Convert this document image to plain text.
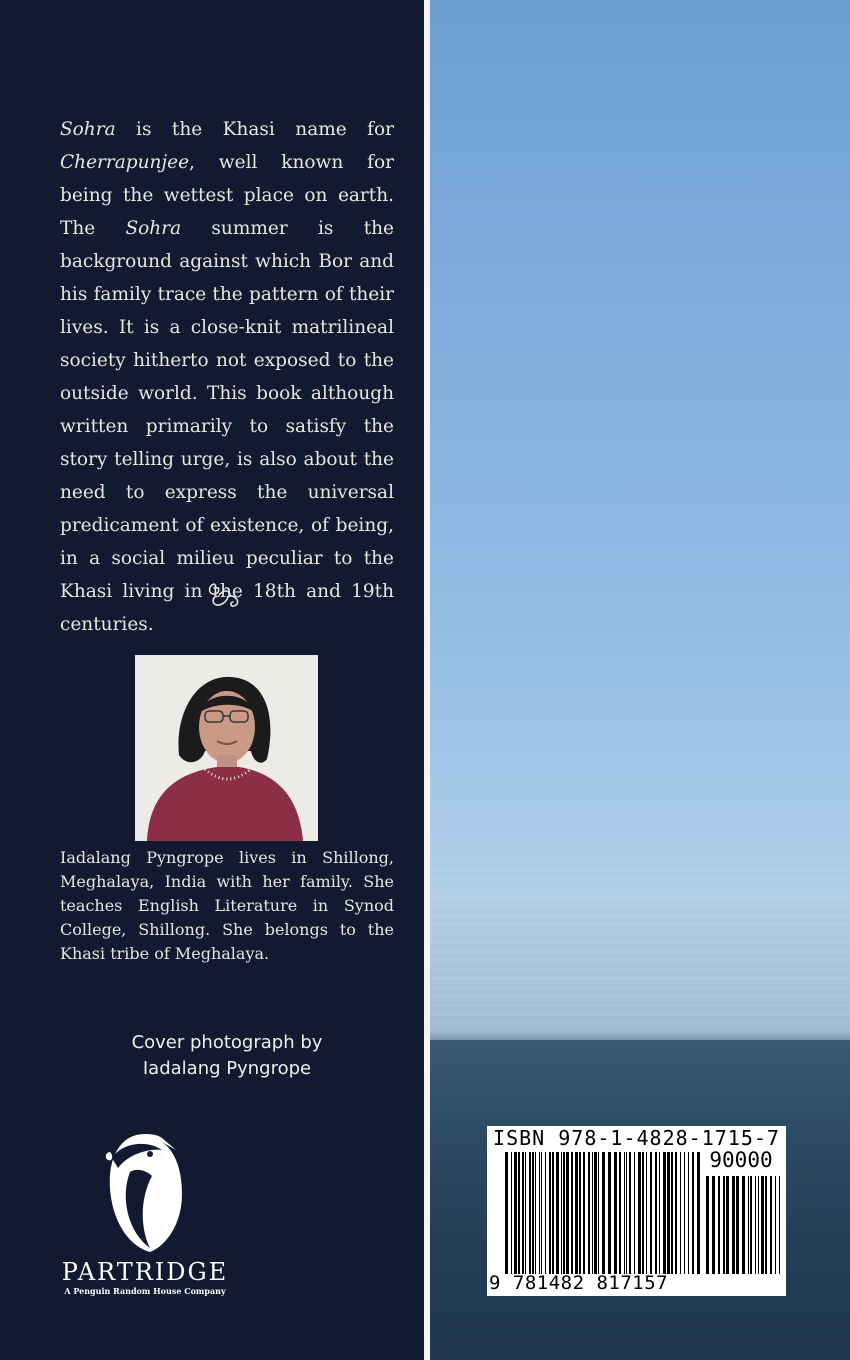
Sohra is the Khasi name for Cherrapunjee, well known for being the wettest place on earth. The Sohra summer is the background against which Bor and his family trace the pattern of their lives. It is a close-knit matrilineal society hitherto not exposed to the outside world. This book although written primarily to satisfy the story telling urge, is also about the need to express the universal predicament of existence, of being, in a social milieu peculiar to the Khasi living in the 18th and 19th centuries.
Iadalang Pyngrope lives in Shillong, Meghalaya, India with her family. She teaches English Literature in Synod College, Shillong. She belongs to the Khasi tribe of Meghalaya.
Cover photograph by
Iadalang Pyngrope
PARTRIDGE
A Penguin Random House Company
ISBN 978-1-4828-1715-7
90000
9 781482 817157
